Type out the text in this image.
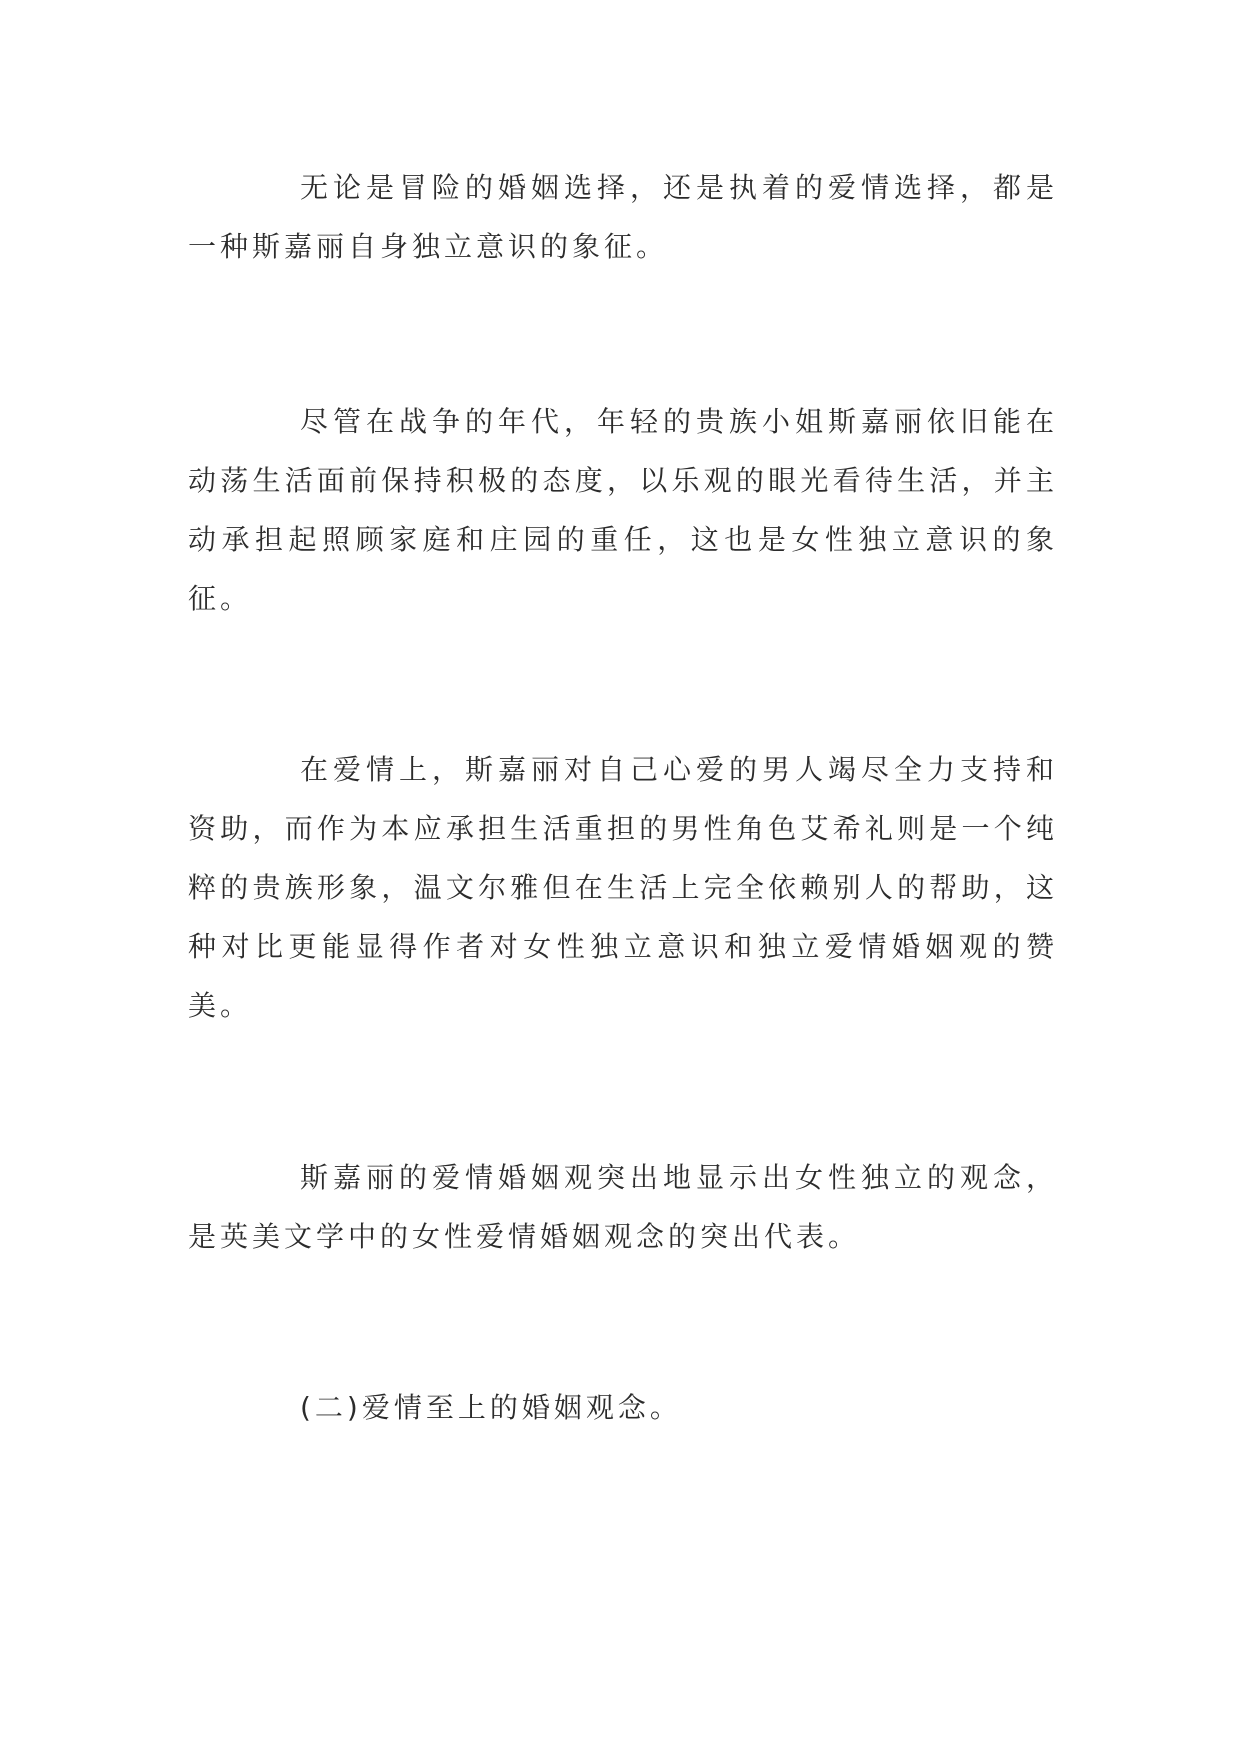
无论是冒险的婚姻选择，还是执着的爱情选择，都是一种斯嘉丽自身独立意识的象征。

尽管在战争的年代，年轻的贵族小姐斯嘉丽依旧能在动荡生活面前保持积极的态度，以乐观的眼光看待生活，并主动承担起照顾家庭和庄园的重任，这也是女性独立意识的象征。

在爱情上，斯嘉丽对自己心爱的男人竭尽全力支持和资助，而作为本应承担生活重担的男性角色艾希礼则是一个纯粹的贵族形象，温文尔雅但在生活上完全依赖别人的帮助，这种对比更能显得作者对女性独立意识和独立爱情婚姻观的赞美。

斯嘉丽的爱情婚姻观突出地显示出女性独立的观念，是英美文学中的女性爱情婚姻观念的突出代表。

(二)爱情至上的婚姻观念。
